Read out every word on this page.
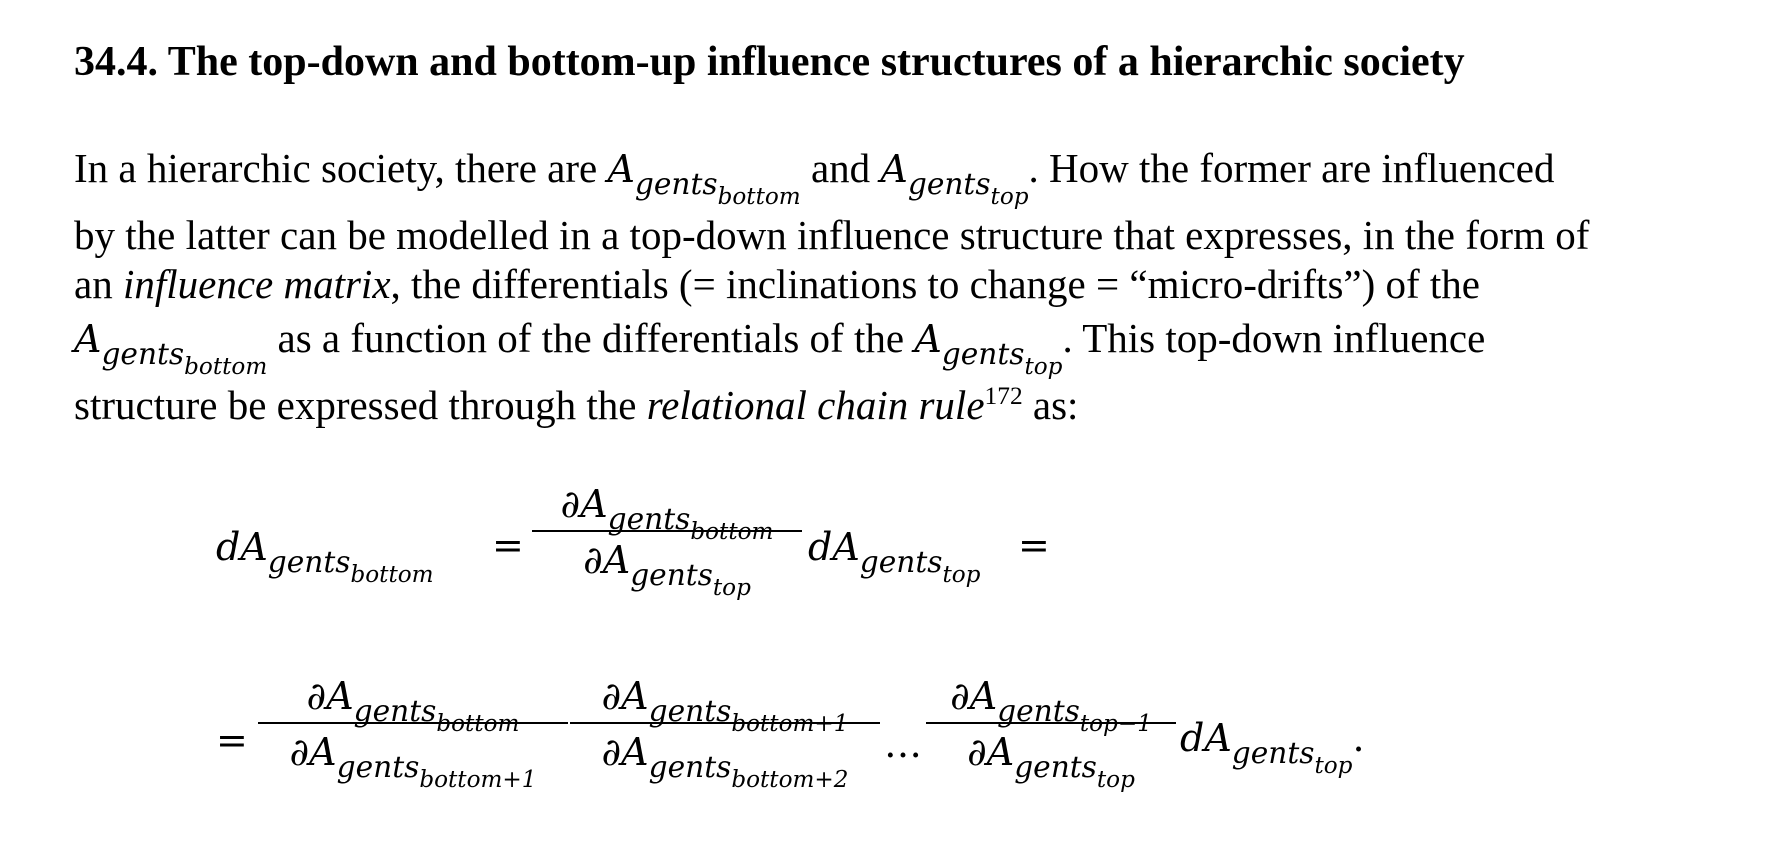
34.4. The top-down and bottom-up influence structures of a hierarchic society
In a hierarchic society, there are $A_{gents_{bottom}}$ and $A_{gents_{top}}$. How the former are influenced
by the latter can be modelled in a top-down influence structure that expresses, in the form of
an influence matrix, the differentials (= inclinations to change = “micro-drifts”) of the
$A_{gents_{bottom}}$ as a function of the differentials of the $A_{gents_{top}}$. This top-down influence
structure be expressed through the relational chain rule$^{172}$ as:
$dA_{gents_{bottom}}$
=
$\partial A_{gents_{bottom}}$
$\partial A_{gents_{top}}$
$dA_{gents_{top}}$
=
=
$\partial A_{gents_{bottom}}$
$\partial A_{gents_{bottom+1}}$
$\partial A_{gents_{bottom+1}}$
$\partial A_{gents_{bottom+2}}$
…
$\partial A_{gents_{top-1}}$
$\partial A_{gents_{top}}$
$dA_{gents_{top}}$.
